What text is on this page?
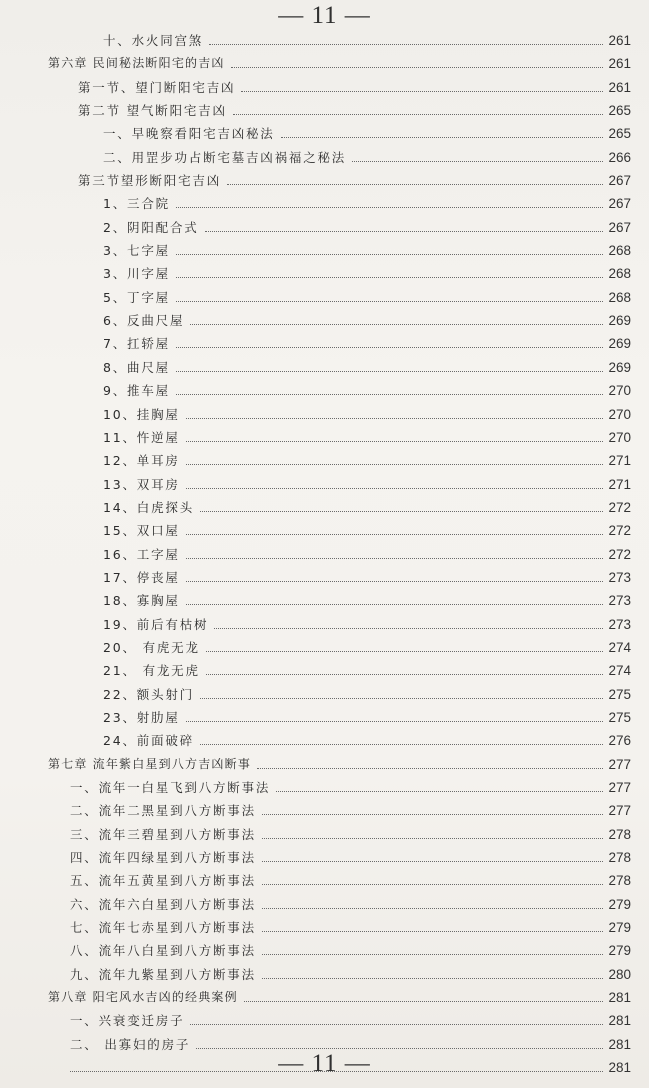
— 11 —
十、水火同宫煞	261
第六章 民间秘法断阳宅的吉凶	261
第一节、望门断阳宅吉凶	261
第二节 望气断阳宅吉凶	265
一、早晚察看阳宅吉凶秘法	265
二、用罡步功占断宅墓吉凶祸福之秘法	266
第三节望形断阳宅吉凶	267
1、三合院	267
2、阴阳配合式	267
3、七字屋	268
3、川字屋	268
5、丁字屋	268
6、反曲尺屋	269
7、扛轿屋	269
8、曲尺屋	269
9、推车屋	270
10、挂胸屋	270
11、忤逆屋	270
12、单耳房	271
13、双耳房	271
14、白虎探头	272
15、双口屋	272
16、工字屋	272
17、停丧屋	273
18、寡胸屋	273
19、前后有枯树	273
20、 有虎无龙	274
21、 有龙无虎	274
22、额头射门	275
23、射肋屋	275
24、前面破碎	276
第七章 流年紫白星到八方吉凶断事	277
一、流年一白星飞到八方断事法	277
二、流年二黑星到八方断事法	277
三、流年三碧星到八方断事法	278
四、流年四绿星到八方断事法	278
五、流年五黄星到八方断事法	278
六、流年六白星到八方断事法	279
七、流年七赤星到八方断事法	279
八、流年八白星到八方断事法	279
九、流年九紫星到八方断事法	280
第八章 阳宅风水吉凶的经典案例	281
一、兴衰变迁房子	281
二、 出寡妇的房子	281
281
— 11 —
